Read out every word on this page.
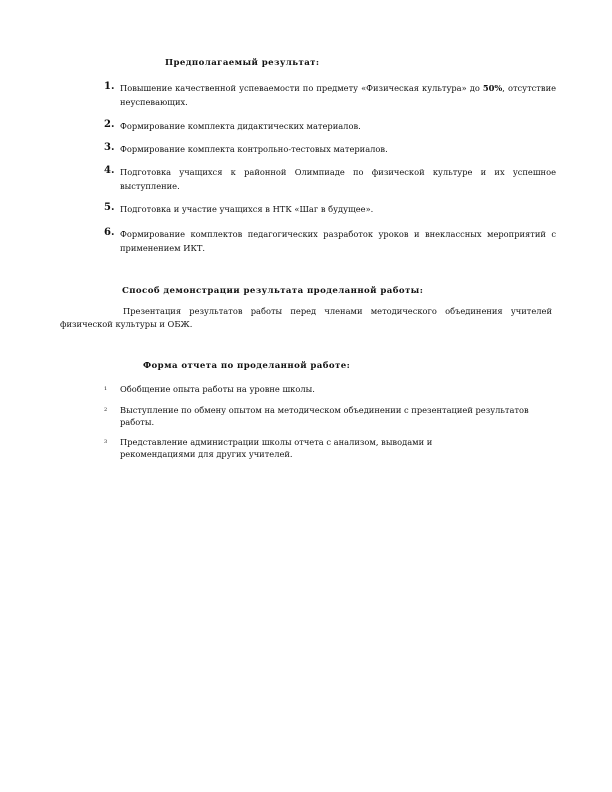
Предполагаемый результат:
1. Повышение качественной успеваемости по предмету «Физическая культура» до 50%, отсутствие неуспевающих.
2. Формирование комплекта дидактических материалов.
3. Формирование комплекта контрольно-тестовых материалов.
4. Подготовка учащихся к районной Олимпиаде по физической культуре и их успешное выступление.
5. Подготовка и участие учащихся в НТК «Шаг в будущее».
6. Формирование комплектов педагогических разработок уроков и внеклассных мероприятий с применением ИКТ.
Способ демонстрации результата проделанной работы:
Презентация результатов работы перед членами методического объединения учителей физической культуры и ОБЖ.
Форма отчета по проделанной работе:
1	Обобщение опыта работы на уровне школы.
2	Выступление по обмену опытом на методическом объединении с презентацией результатов работы.
3	Представление администрации школы отчета с анализом, выводами и рекомендациями для других учителей.
